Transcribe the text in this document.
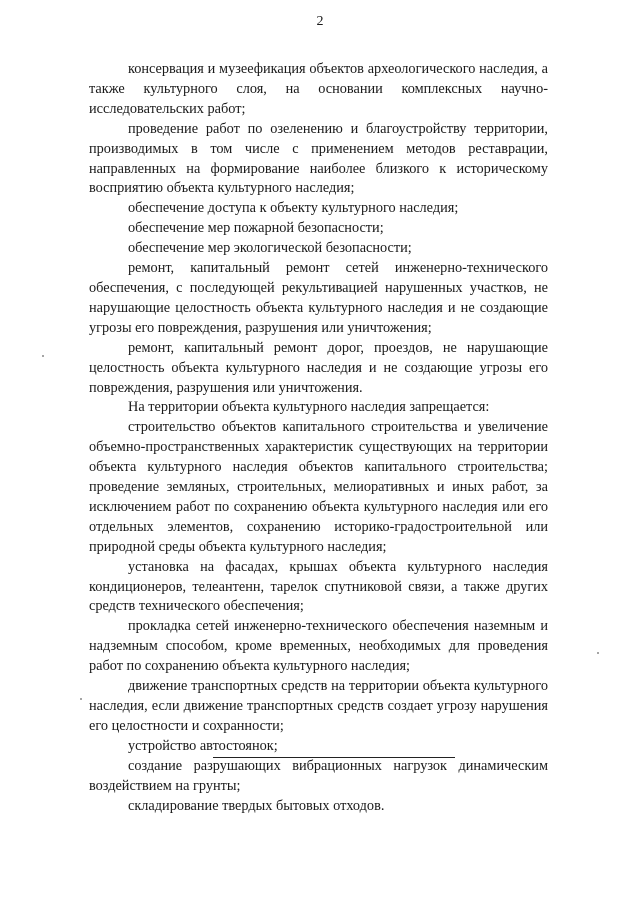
2

консервация и музеефикация объектов археологического наследия, а также культурного слоя, на основании комплексных научно-исследовательских работ;

проведение работ по озеленению и благоустройству территории, производимых в том числе с применением методов реставрации, направленных на формирование наиболее близкого к историческому восприятию объекта культурного наследия;

обеспечение доступа к объекту культурного наследия;

обеспечение мер пожарной безопасности;

обеспечение мер экологической безопасности;

ремонт, капитальный ремонт сетей инженерно-технического обеспечения, с последующей рекультивацией нарушенных участков, не нарушающие целостность объекта культурного наследия и не создающие угрозы его повреждения, разрушения или уничтожения;

ремонт, капитальный ремонт дорог, проездов, не нарушающие целостность объекта культурного наследия и не создающие угрозы его повреждения, разрушения или уничтожения.

На территории объекта культурного наследия запрещается:

строительство объектов капитального строительства и увеличение объемно-пространственных характеристик существующих на территории объекта культурного наследия объектов капитального строительства; проведение земляных, строительных, мелиоративных и иных работ, за исключением работ по сохранению объекта культурного наследия или его отдельных элементов, сохранению историко-градостроительной или природной среды объекта культурного наследия;

установка на фасадах, крышах объекта культурного наследия кондиционеров, телеантенн, тарелок спутниковой связи, а также других средств технического обеспечения;

прокладка сетей инженерно-технического обеспечения наземным и надземным способом, кроме временных, необходимых для проведения работ по сохранению объекта культурного наследия;

движение транспортных средств на территории объекта культурного наследия, если движение транспортных средств создает угрозу нарушения его целостности и сохранности;

устройство автостоянок;

создание разрушающих вибрационных нагрузок динамическим воздействием на грунты;

складирование твердых бытовых отходов.
